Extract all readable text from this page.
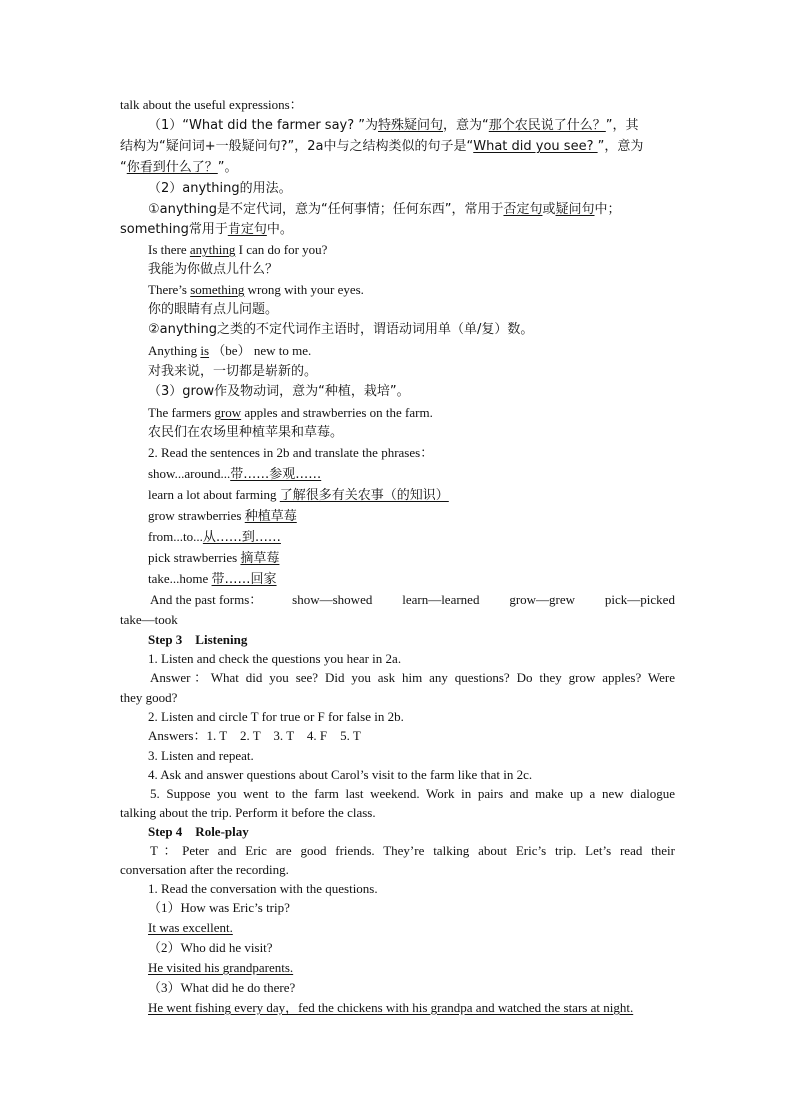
talk about the useful expressions：
（1）“What did the farmer say? ”为特殊疑问句，意为“那个农民说了什么？”，其
结构为“疑问词+一般疑问句?”，2a中与之结构类似的句子是“What did you see? ”，意为
“你看到什么了？”。
（2）anything的用法。
①anything是不定代词，意为“任何事情；任何东西”，常用于否定句或疑问句中；
something常用于肯定句中。
Is there anything I can do for you?
我能为你做点儿什么？
There’s something wrong with your eyes.
你的眼睛有点儿问题。
②anything之类的不定代词作主语时，谓语动词用单（单/复）数。
Anything is （be） new to me.
对我来说，一切都是崭新的。
（3）grow作及物动词，意为“种植，栽培”。
The farmers grow apples and strawberries on the farm.
农民们在农场里种植苹果和草莓。
2. Read the sentences in 2b and translate the phrases：
show...around...带……参观……
learn a lot about farming 了解很多有关农事（的知识）
grow strawberries 种植草莓
from...to...从……到……
pick strawberries 摘草莓
take...home 带……回家
And the past forms： show—showed learn—learned grow—grew pick—picked
take—took
Step 3　Listening
1. Listen and check the questions you hear in 2a.
Answer：What did you see? Did you ask him any questions? Do they grow apples? Were
they good?
2. Listen and circle T for true or F for false in 2b.
Answers：1. T　2. T　3. T　4. F　5. T
3. Listen and repeat.
4. Ask and answer questions about Carol’s visit to the farm like that in 2c.
5. Suppose you went to the farm last weekend. Work in pairs and make up a new dialogue
talking about the trip. Perform it before the class.
Step 4　Role-play
T：Peter and Eric are good friends. They’re talking about Eric’s trip. Let’s read their
conversation after the recording.
1. Read the conversation with the questions.
（1）How was Eric’s trip?
It was excellent.
（2）Who did he visit?
He visited his grandparents.
（3）What did he do there?
He went fishing every day，fed the chickens with his grandpa and watched the stars at night.
